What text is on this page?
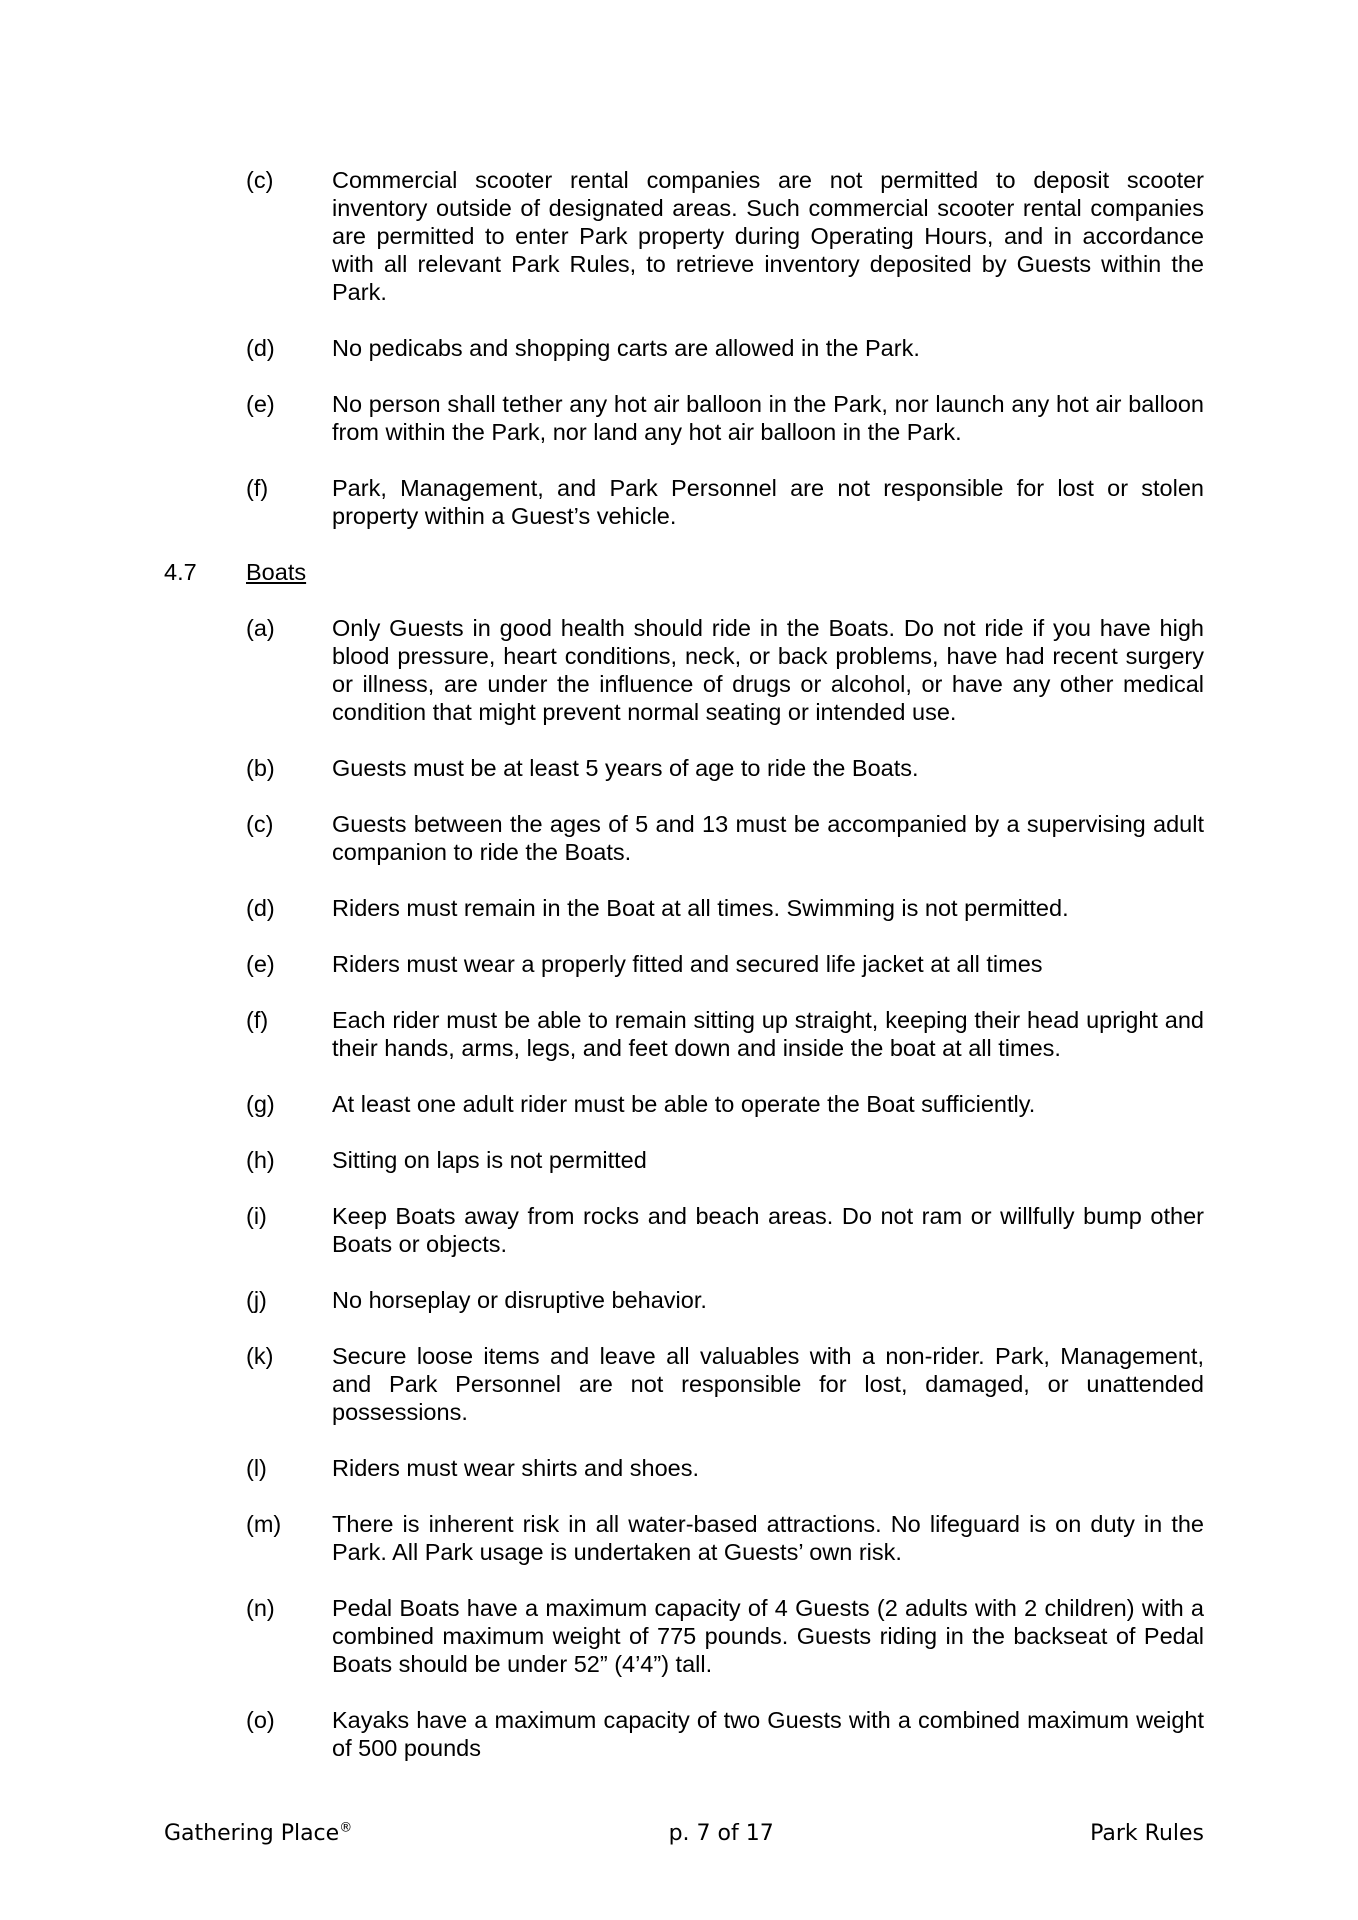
(c)	Commercial scooter rental companies are not permitted to deposit scooter inventory outside of designated areas. Such commercial scooter rental companies are permitted to enter Park property during Operating Hours, and in accordance with all relevant Park Rules, to retrieve inventory deposited by Guests within the Park.
(d)	No pedicabs and shopping carts are allowed in the Park.
(e)	No person shall tether any hot air balloon in the Park, nor launch any hot air balloon from within the Park, nor land any hot air balloon in the Park.
(f)	Park, Management, and Park Personnel are not responsible for lost or stolen property within a Guest’s vehicle.
4.7	Boats
(a)	Only Guests in good health should ride in the Boats. Do not ride if you have high blood pressure, heart conditions, neck, or back problems, have had recent surgery or illness, are under the influence of drugs or alcohol, or have any other medical condition that might prevent normal seating or intended use.
(b)	Guests must be at least 5 years of age to ride the Boats.
(c)	Guests between the ages of 5 and 13 must be accompanied by a supervising adult companion to ride the Boats.
(d)	Riders must remain in the Boat at all times. Swimming is not permitted.
(e)	Riders must wear a properly fitted and secured life jacket at all times
(f)	Each rider must be able to remain sitting up straight, keeping their head upright and their hands, arms, legs, and feet down and inside the boat at all times.
(g)	At least one adult rider must be able to operate the Boat sufficiently.
(h)	Sitting on laps is not permitted
(i)	Keep Boats away from rocks and beach areas. Do not ram or willfully bump other Boats or objects.
(j)	No horseplay or disruptive behavior.
(k)	Secure loose items and leave all valuables with a non-rider. Park, Management, and Park Personnel are not responsible for lost, damaged, or unattended possessions.
(l)	Riders must wear shirts and shoes.
(m)	There is inherent risk in all water-based attractions. No lifeguard is on duty in the Park. All Park usage is undertaken at Guests’ own risk.
(n)	Pedal Boats have a maximum capacity of 4 Guests (2 adults with 2 children) with a combined maximum weight of 775 pounds. Guests riding in the backseat of Pedal Boats should be under 52” (4’4”) tall.
(o)	Kayaks have a maximum capacity of two Guests with a combined maximum weight of 500 pounds
Gathering Place®	p. 7 of 17	Park Rules
